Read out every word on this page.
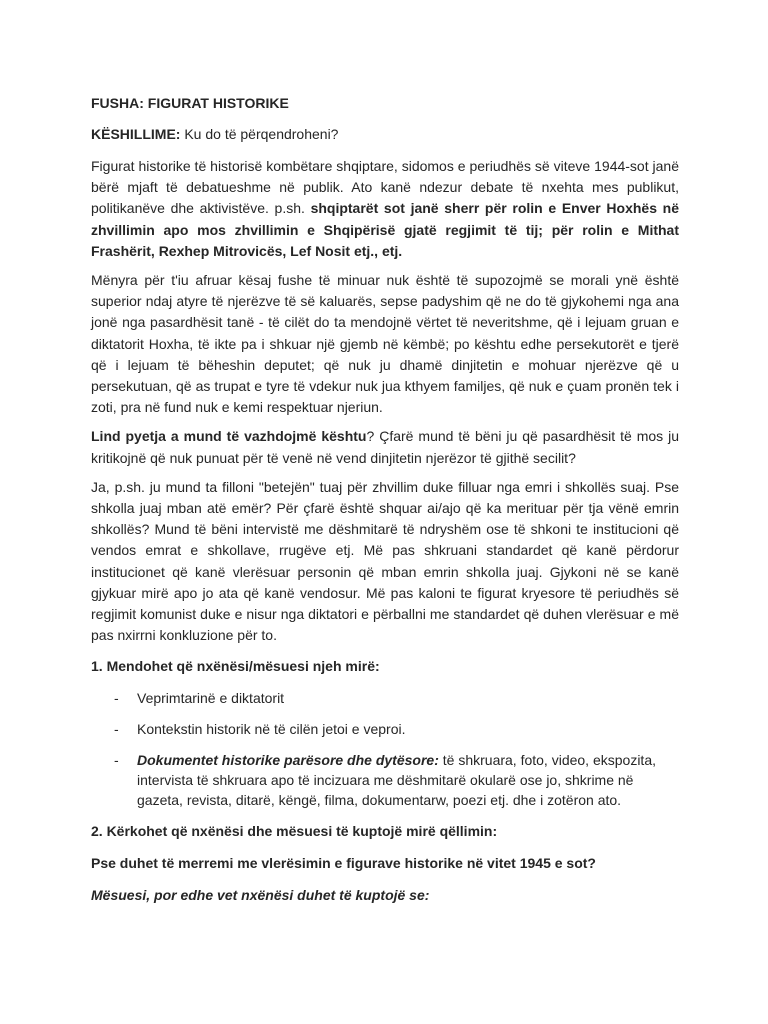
FUSHA: FIGURAT HISTORIKE
KËSHILLIME: Ku do të përqendroheni?

Figurat historike të historisë kombëtare shqiptare, sidomos e periudhës së viteve 1944-sot janë bërë mjaft të debatueshme në publik. Ato kanë ndezur debate të nxehta mes publikut, politikanëve dhe aktivistëve. p.sh. shqiptarët sot janë sherr për rolin e Enver Hoxhës në zhvillimin apo mos zhvillimin e Shqipërisë gjatë regjimit të tij; për rolin e Mithat Frashërit, Rexhep Mitrovicës, Lef Nosit etj., etj.

Mënyra për t'iu afruar kësaj fushe të minuar nuk është të supozojmë se morali ynë është superior ndaj atyre të njerëzve të së kaluarës, sepse padyshim që ne do të gjykohemi nga ana jonë nga pasardhësit tanë - të cilët do ta mendojnë vërtet të neveritshme, që i lejuam gruan e diktatorit Hoxha, të ikte pa i shkuar një gjemb në këmbë; po kështu edhe persekutorët e tjerë që i lejuam të bëheshin deputet; që nuk ju dhamë dinjitetin e mohuar njerëzve që u persekutuan, që as trupat e tyre të vdekur nuk jua kthyem familjes, që nuk e çuam pronën tek i zoti, pra në fund nuk e kemi respektuar njeriun.

Lind pyetja a mund të vazhdojmë kështu? Çfarë mund të bëni ju që pasardhësit të mos ju kritikojnë që nuk punuat për të venë në vend dinjitetin njerëzor të gjithë secilit?

Ja, p.sh. ju mund ta filloni "betejën" tuaj për zhvillim duke filluar nga emri i shkollës suaj. Pse shkolla juaj mban atë emër? Për çfarë është shquar ai/ajo që ka merituar për tja vënë emrin shkollës? Mund të bëni intervistë me dëshmitarë të ndryshëm ose të shkoni te institucioni që vendos emrat e shkollave, rrugëve etj. Më pas shkruani standardet që kanë përdorur institucionet që kanë vlerësuar personin që mban emrin shkolla juaj. Gjykoni në se kanë gjykuar mirë apo jo ata që kanë vendosur. Më pas kaloni te figurat kryesore të periudhës së regjimit komunist duke e nisur nga diktatori e përballni me standardet që duhen vlerësuar e më pas nxirrni konkluzione për to.

1. Mendohet që nxënësi/mësuesi njeh mirë:
- Veprimtarinë e diktatorit
- Kontekstin historik në të cilën jetoi e veproi.
- Dokumentet historike parësore dhe dytësore: të shkruara, foto, video, ekspozita, intervista të shkruara apo të incizuara me dëshmitarë okularë ose jo, shkrime në gazeta, revista, ditarë, këngë, filma, dokumentarw, poezi etj. dhe i zotëron ato.
2. Kërkohet që nxënësi dhe mësuesi të kuptojë mirë qëllimin:
Pse duhet të merremi me vlerësimin e figurave historike në vitet 1945 e sot?
Mësuesi, por edhe vet nxënësi duhet të kuptojë se:
